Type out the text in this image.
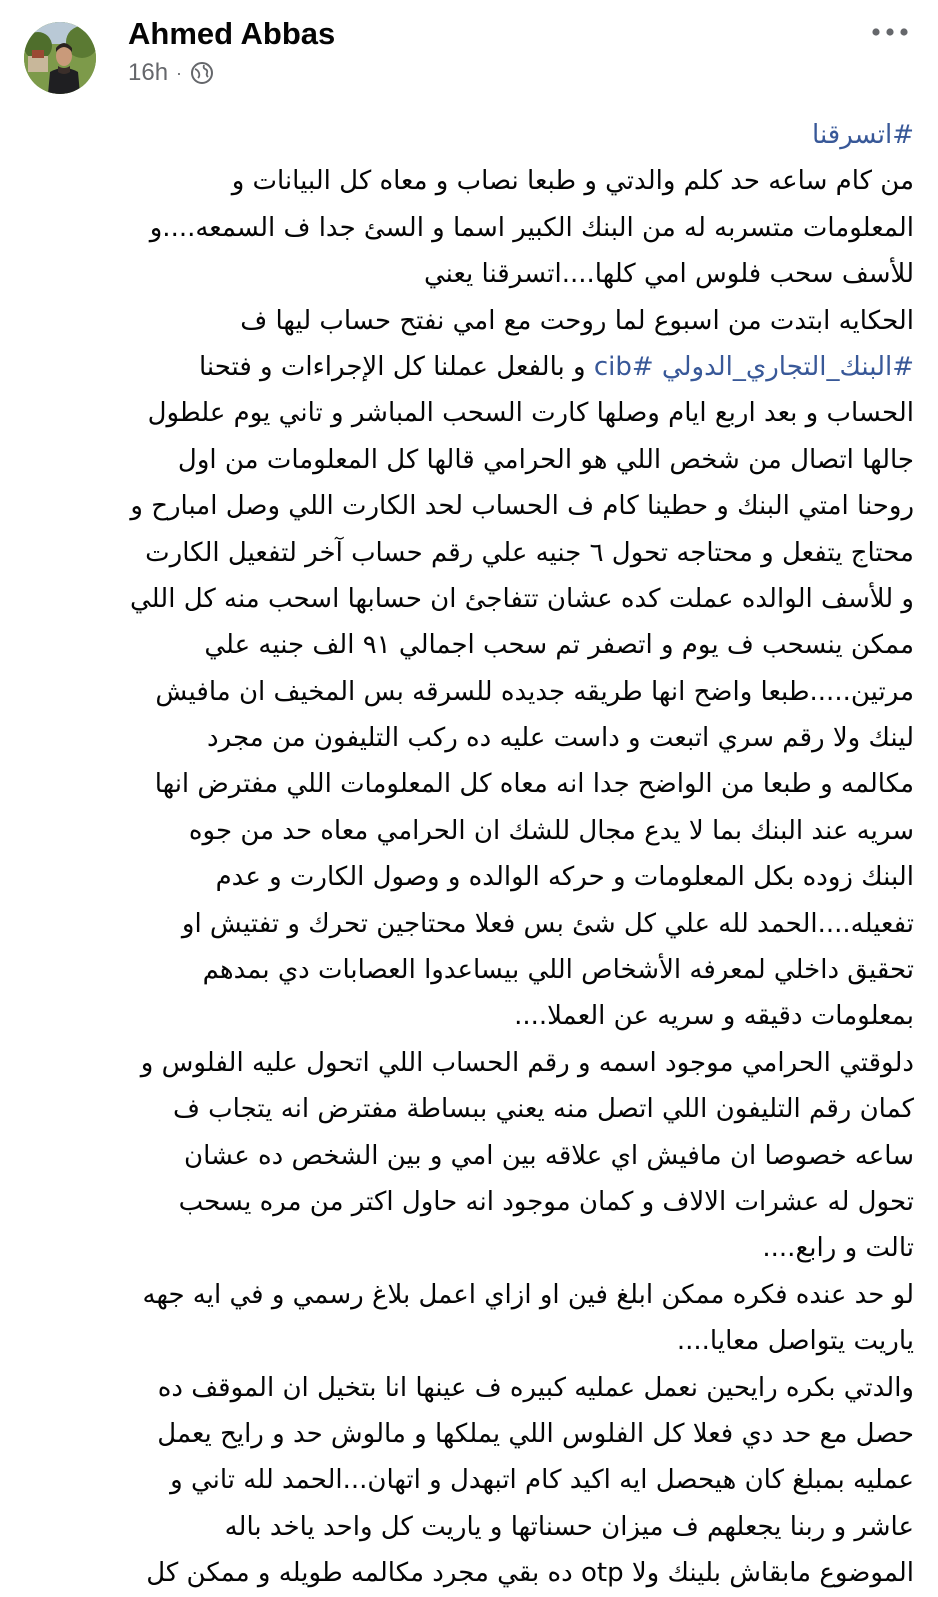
Ahmed Abbas
16h ·
#اتسرقنا
من كام ساعه حد كلم والدتي و طبعا نصاب و معاه كل البيانات و
المعلومات متسربه له من البنك الكبير اسما و السئ جدا ف السمعه....و
للأسف سحب فلوس امي كلها....اتسرقنا يعني
الحكايه ابتدت من اسبوع لما روحت مع امي نفتح حساب ليها ف
#البنك_التجاري_الدولي #cib و بالفعل عملنا كل الإجراءات و فتحنا
الحساب و بعد اربع ايام وصلها كارت السحب المباشر و تاني يوم علطول
جالها اتصال من شخص اللي هو الحرامي قالها كل المعلومات من اول
روحنا امتي البنك و حطينا كام ف الحساب لحد الكارت اللي وصل امبارح و
محتاج يتفعل و محتاجه تحول ٦ جنيه علي رقم حساب آخر لتفعيل الكارت
و للأسف الوالده عملت كده عشان تتفاجئ ان حسابها اسحب منه كل اللي
ممكن ينسحب ف يوم و اتصفر تم سحب اجمالي ٩١ الف جنيه علي
مرتين.....طبعا واضح انها طريقه جديده للسرقه بس المخيف ان مافيش
لينك ولا رقم سري اتبعت و داست عليه ده ركب التليفون من مجرد
مكالمه و طبعا من الواضح جدا انه معاه كل المعلومات اللي مفترض انها
سريه عند البنك بما لا يدع مجال للشك ان الحرامي معاه حد من جوه
البنك زوده بكل المعلومات و حركه الوالده و وصول الكارت و عدم
تفعيله....الحمد لله علي كل شئ بس فعلا محتاجين تحرك و تفتيش او
تحقيق داخلي لمعرفه الأشخاص اللي بيساعدوا العصابات دي بمدهم
بمعلومات دقيقه و سريه عن العملا....
دلوقتي الحرامي موجود اسمه و رقم الحساب اللي اتحول عليه الفلوس و
كمان رقم التليفون اللي اتصل منه يعني ببساطة مفترض انه يتجاب ف
ساعه خصوصا ان مافيش اي علاقه بين امي و بين الشخص ده عشان
تحول له عشرات الالاف و كمان موجود انه حاول اكتر من مره يسحب
تالت و رابع....
لو حد عنده فكره ممكن ابلغ فين او ازاي اعمل بلاغ رسمي و في ايه جهه
ياريت يتواصل معايا....
والدتي بكره رايحين نعمل عمليه كبيره ف عينها انا بتخيل ان الموقف ده
حصل مع حد دي فعلا كل الفلوس اللي يملكها و مالوش حد و رايح يعمل
عمليه بمبلغ كان هيحصل ايه اكيد كام اتبهدل و اتهان...الحمد لله تاني و
عاشر و ربنا يجعلهم ف ميزان حسناتها و ياريت كل واحد ياخد باله
الموضوع مابقاش بلينك ولا otp ده بقي مجرد مكالمه طويله و ممكن كل
